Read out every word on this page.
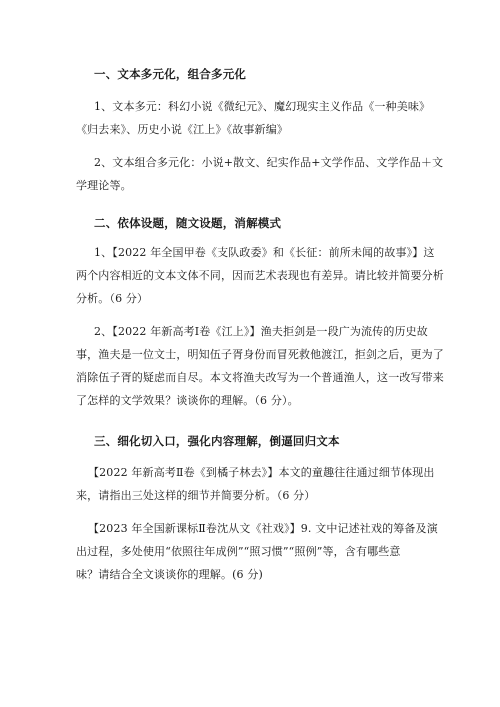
一、文本多元化，组合多元化
1、文本多元：科幻小说《微纪元》、魔幻现实主义作品《一种美味》
《归去来》、历史小说《江上》《故事新编》
2、文本组合多元化：小说+散文、纪实作品+文学作品、文学作品＋文
学理论等。
二、依体设题，随文设题，消解模式
1、【2022 年全国甲卷《支队政委》和《长征：前所未闻的故事》】这
两个内容相近的文本文体不同，因而艺术表现也有差异。请比较并简要分析
分析。（6 分）
2、【2022 年新高考Ⅰ卷《江上》】渔夫拒剑是一段广为流传的历史故
事，渔夫是一位文士，明知伍子胥身份而冒死救他渡江，拒剑之后，更为了
消除伍子胥的疑虑而自尽。本文将渔夫改写为一个普通渔人，这一改写带来
了怎样的文学效果？谈谈你的理解。（6 分）。
三、细化切入口，强化内容理解，倒逼回归文本
【2022 年新高考Ⅱ卷《到橘子林去》】本文的童趣往往通过细节体现出
来，请指出三处这样的细节并简要分析。（6 分）
【2023 年全国新课标Ⅱ卷沈从文《社戏》】9. 文中记述社戏的筹备及演
出过程，多处使用“依照往年成例”“照习惯”“照例”等，含有哪些意
味？请结合全文谈谈你的理解。(6 分)
